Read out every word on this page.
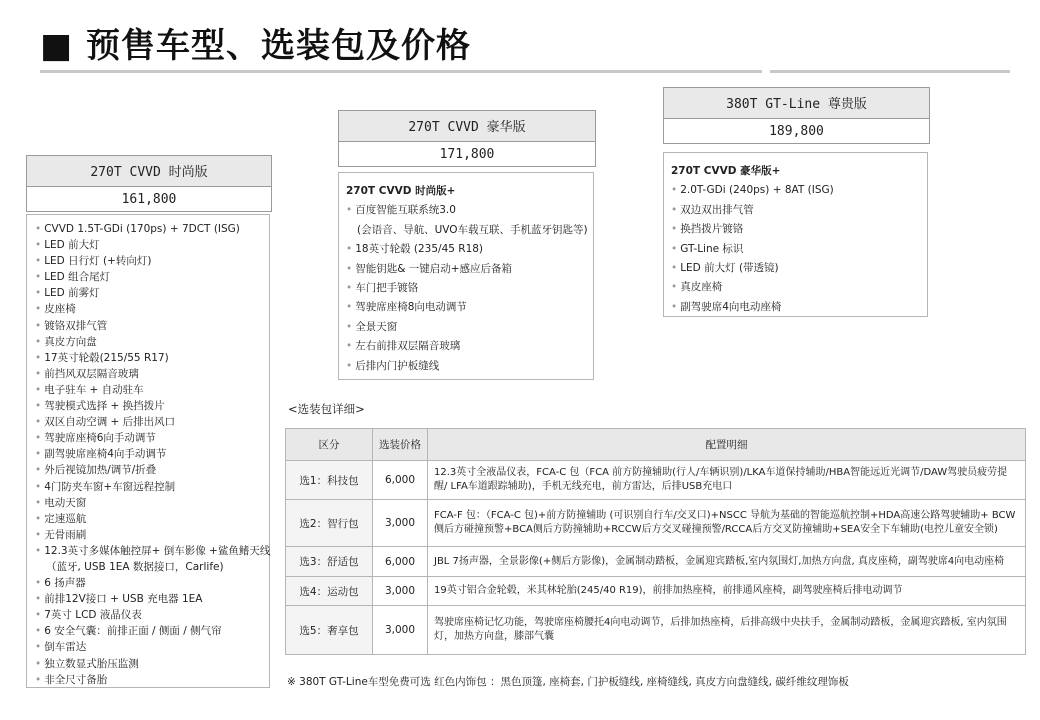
■ 预售车型、选装包及价格
270T CVVD 时尚版
161,800
• CVVD 1.5T-GDi (170ps) + 7DCT (ISG)
• LED 前大灯
• LED 日行灯 (+转向灯)
• LED 组合尾灯
• LED 前雾灯
• 皮座椅
• 镀铬双排气管
• 真皮方向盘
• 17英寸轮毂(215/55 R17)
• 前挡风双层隔音玻璃
• 电子驻车 + 自动驻车
• 驾驶模式选择 + 换挡拨片
• 双区自动空调 + 后排出风口
• 驾驶席座椅6向手动调节
• 副驾驶席座椅4向手动调节
• 外后视镜加热/调节/折叠
• 4门防夹车窗+车窗远程控制
• 电动天窗
• 定速巡航
• 无骨雨刷
• 12.3英寸多媒体触控屏+ 倒车影像 +鲨鱼鳍天线
（蓝牙, USB 1EA 数据接口，Carlife)
• 6 扬声器
• 前排12V接口 + USB 充电器 1EA
• 7英寸 LCD 液晶仪表
• 6 安全气囊：前排正面 / 侧面 / 侧气帘
• 倒车雷达
• 独立数显式胎压监测
• 非全尺寸备胎
270T CVVD 豪华版
171,800
270T CVVD 时尚版+
• 百度智能互联系统3.0
(会语音、导航、UVO车载互联、手机蓝牙钥匙等)
• 18英寸轮毂 (235/45 R18)
• 智能钥匙& 一键启动+感应后备箱
• 车门把手镀铬
• 驾驶席座椅8向电动调节
• 全景天窗
• 左右前排双层隔音玻璃
• 后排内门护板缝线
380T GT-Line 尊贵版
189,800
270T CVVD 豪华版+
• 2.0T-GDi (240ps) + 8AT (ISG)
• 双边双出排气管
• 换挡拨片镀铬
• GT-Line 标识
• LED 前大灯 (带透镜)
• 真皮座椅
• 副驾驶席4向电动座椅
<选装包详细>
区分	选装价格	配置明细
选1：科技包	6,000	12.3英寸全液晶仪表，FCA-C 包（FCA 前方防撞辅助(行人/车辆识别)/LKA车道保持辅助/HBA智能远近光调节/DAW驾驶员疲劳提醒/ LFA车道跟踪辅助)，手机无线充电，前方雷达，后排USB充电口
选2：智行包	3,000	FCA-F 包：（FCA-C 包)+前方防撞辅助 (可识别自行车/交叉口)+NSCC 导航为基础的智能巡航控制+HDA高速公路驾驶辅助+ BCW侧后方碰撞预警+BCA侧后方防撞辅助+RCCW后方交叉碰撞预警/RCCA后方交叉防撞辅助+SEA安全下车辅助(电控儿童安全锁)
选3：舒适包	6,000	JBL 7扬声器，全景影像(+侧后方影像)，金属制动踏板，金属迎宾踏板,室内氛围灯,加热方向盘, 真皮座椅，副驾驶席4向电动座椅
选4：运动包	3,000	19英寸铝合金轮毂，米其林轮胎(245/40 R19)，前排加热座椅，前排通风座椅，副驾驶座椅后排电动调节
选5：奢享包	3,000	驾驶席座椅记忆功能，驾驶席座椅腰托4向电动调节，后排加热座椅，后排高级中央扶手，金属制动踏板，金属迎宾踏板, 室内氛围灯，加热方向盘，膝部气囊
※ 380T GT-Line车型免费可选 红色内饰包 ：黑色顶篷, 座椅套, 门护板缝线, 座椅缝线, 真皮方向盘缝线, 碳纤维纹理饰板
